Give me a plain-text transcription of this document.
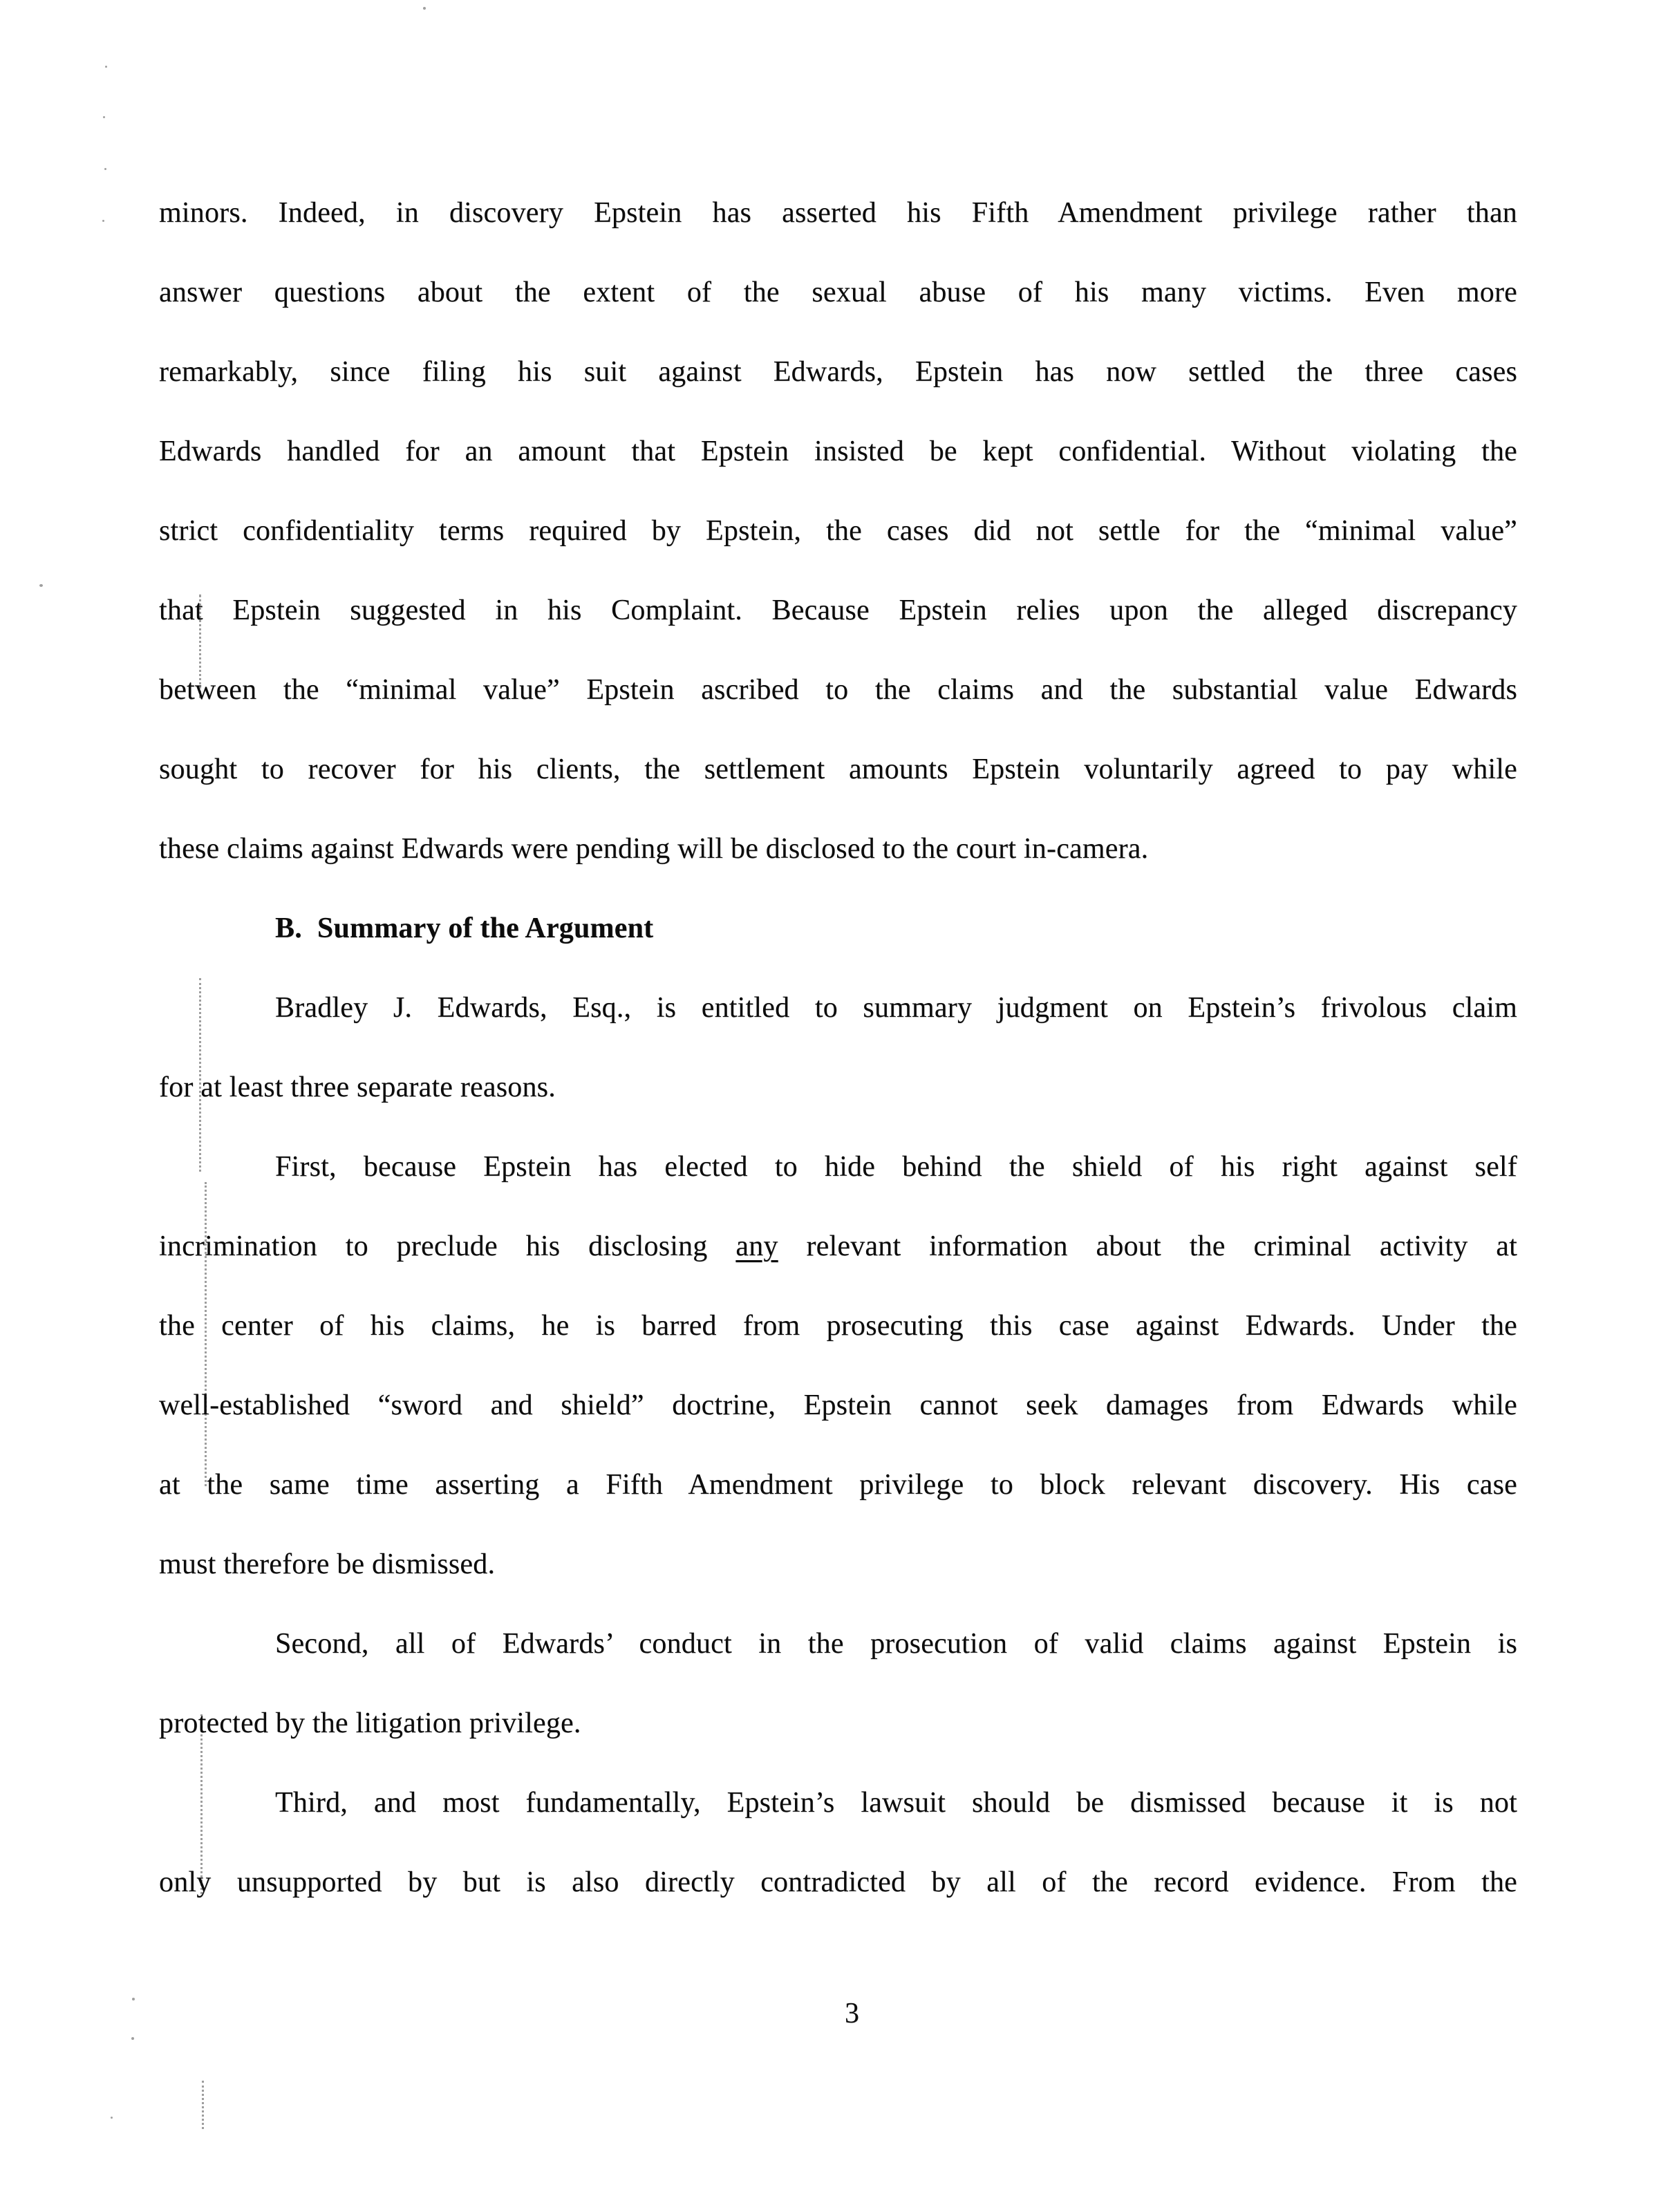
minors. Indeed, in discovery Epstein has asserted his Fifth Amendment privilege rather than
answer questions about the extent of the sexual abuse of his many victims. Even more
remarkably, since filing his suit against Edwards, Epstein has now settled the three cases
Edwards handled for an amount that Epstein insisted be kept confidential. Without violating the
strict confidentiality terms required by Epstein, the cases did not settle for the “minimal value”
that Epstein suggested in his Complaint. Because Epstein relies upon the alleged discrepancy
between the “minimal value” Epstein ascribed to the claims and the substantial value Edwards
sought to recover for his clients, the settlement amounts Epstein voluntarily agreed to pay while
these claims against Edwards were pending will be disclosed to the court in-camera.
B. Summary of the Argument
Bradley J. Edwards, Esq., is entitled to summary judgment on Epstein’s frivolous claim
for at least three separate reasons.
First, because Epstein has elected to hide behind the shield of his right against self
incrimination to preclude his disclosing any relevant information about the criminal activity at
the center of his claims, he is barred from prosecuting this case against Edwards. Under the
well-established “sword and shield” doctrine, Epstein cannot seek damages from Edwards while
at the same time asserting a Fifth Amendment privilege to block relevant discovery. His case
must therefore be dismissed.
Second, all of Edwards’ conduct in the prosecution of valid claims against Epstein is
protected by the litigation privilege.
Third, and most fundamentally, Epstein’s lawsuit should be dismissed because it is not
only unsupported by but is also directly contradicted by all of the record evidence. From the
3
